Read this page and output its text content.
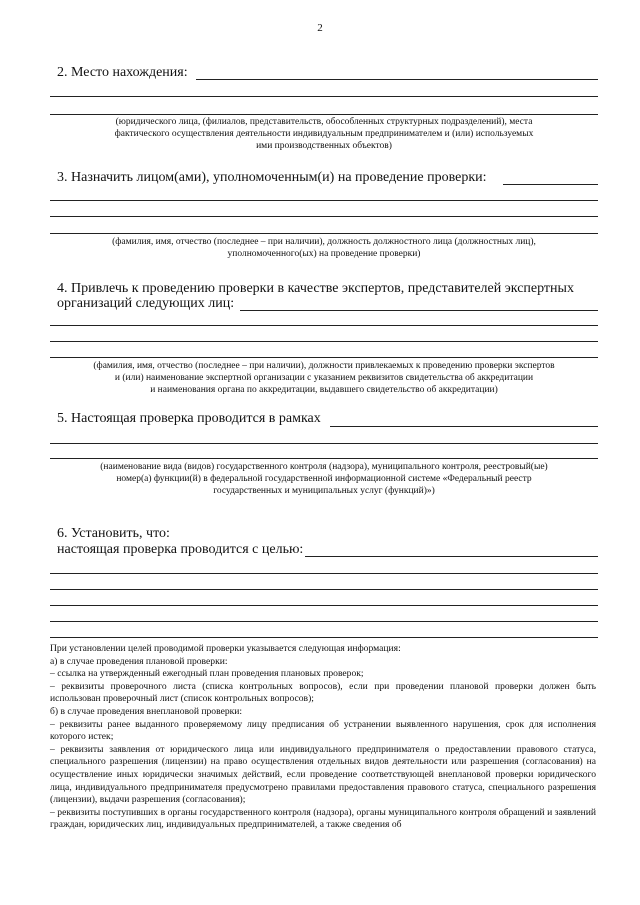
2
2. Место нахождения:
(юридического лица, (филиалов, представительств, обособленных структурных подразделений), места
фактического осуществления деятельности индивидуальным предпринимателем и (или) используемых
ими производственных объектов)
3. Назначить лицом(ами), уполномоченным(и) на проведение проверки:
(фамилия, имя, отчество (последнее – при наличии), должность должностного лица (должностных лиц),
уполномоченного(ых) на проведение проверки)
4. Привлечь к проведению проверки в качестве экспертов, представителей экспертных
организаций следующих лиц:
(фамилия, имя, отчество (последнее – при наличии), должности привлекаемых к проведению проверки экспертов
и (или) наименование экспертной организации с указанием реквизитов свидетельства об аккредитации
и наименования органа по аккредитации, выдавшего свидетельство об аккредитации)
5. Настоящая проверка проводится в рамках
(наименование вида (видов) государственного контроля (надзора), муниципального контроля, реестровый(ые)
номер(а) функции(й) в федеральной государственной информационной системе «Федеральный реестр
государственных и муниципальных услуг (функций)»)
6. Установить, что:
настоящая проверка проводится с целью:
При установлении целей проводимой проверки указывается следующая информация:
а) в случае проведения плановой проверки:
– ссылка на утвержденный ежегодный план проведения плановых проверок;
– реквизиты проверочного листа (списка контрольных вопросов), если при проведении плановой проверки должен быть использован проверочный лист (список контрольных вопросов);
б) в случае проведения внеплановой проверки:
– реквизиты ранее выданного проверяемому лицу предписания об устранении выявленного нарушения, срок для исполнения которого истек;
– реквизиты заявления от юридического лица или индивидуального предпринимателя о предоставлении правового статуса, специального разрешения (лицензии) на право осуществления отдельных видов деятельности или разрешения (согласования) на осуществление иных юридически значимых действий, если проведение соответствующей внеплановой проверки юридического лица, индивидуального предпринимателя предусмотрено правилами предоставления правового статуса, специального разрешения (лицензии), выдачи разрешения (согласования);
– реквизиты поступивших в органы государственного контроля (надзора), органы муниципального контроля обращений и заявлений граждан, юридических лиц, индивидуальных предпринимателей, а также сведения об
